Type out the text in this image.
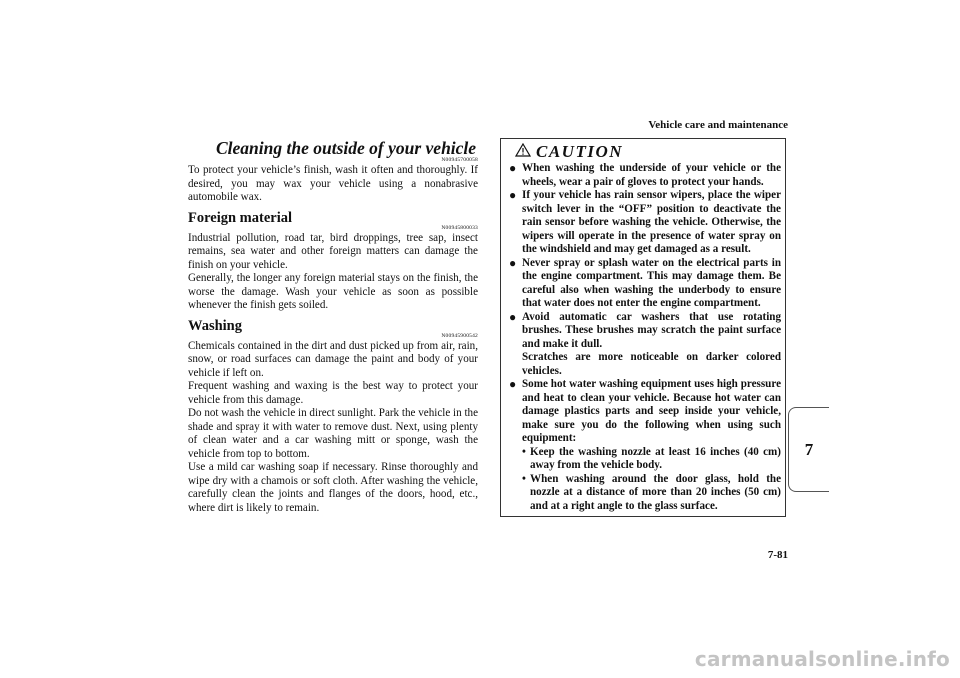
Vehicle care and maintenance
Cleaning the outside of your vehicle
N00945700058

To protect your vehicle’s finish, wash it often and thoroughly. If desired, you may wax your vehicle using a nonabrasive automobile wax.

Foreign material
N00945800033

Industrial pollution, road tar, bird droppings, tree sap, insect remains, sea water and other foreign matters can damage the finish on your vehicle.

Generally, the longer any foreign material stays on the finish, the worse the damage. Wash your vehicle as soon as possible whenever the finish gets soiled.

Washing
N00945900542

Chemicals contained in the dirt and dust picked up from air, rain, snow, or road surfaces can damage the paint and body of your vehicle if left on.

Frequent washing and waxing is the best way to protect your vehicle from this damage.

Do not wash the vehicle in direct sunlight. Park the vehicle in the shade and spray it with water to remove dust. Next, using plenty of clean water and a car washing mitt or sponge, wash the vehicle from top to bottom.

Use a mild car washing soap if necessary. Rinse thoroughly and wipe dry with a chamois or soft cloth. After washing the vehicle, carefully clean the joints and flanges of the doors, hood, etc., where dirt is likely to remain.

CAUTION
● When washing the underside of your vehicle or the wheels, wear a pair of gloves to protect your hands.

● If your vehicle has rain sensor wipers, place the wiper switch lever in the “OFF” position to deactivate the rain sensor before washing the vehicle. Otherwise, the wipers will operate in the presence of water spray on the windshield and may get damaged as a result.

● Never spray or splash water on the electrical parts in the engine compartment. This may damage them. Be careful also when washing the underbody to ensure that water does not enter the engine compartment.

● Avoid automatic car washers that use rotating brushes. These brushes may scratch the paint surface and make it dull.

Scratches are more noticeable on darker colored vehicles.

● Some hot water washing equipment uses high pressure and heat to clean your vehicle. Because hot water can damage plastics parts and seep inside your vehicle, make sure you do the following when using such equipment:

• Keep the washing nozzle at least 16 inches (40 cm) away from the vehicle body.
• When washing around the door glass, hold the nozzle at a distance of more than 20 inches (50 cm) and at a right angle to the glass surface.
7
7-81
carmanualsonline.info
